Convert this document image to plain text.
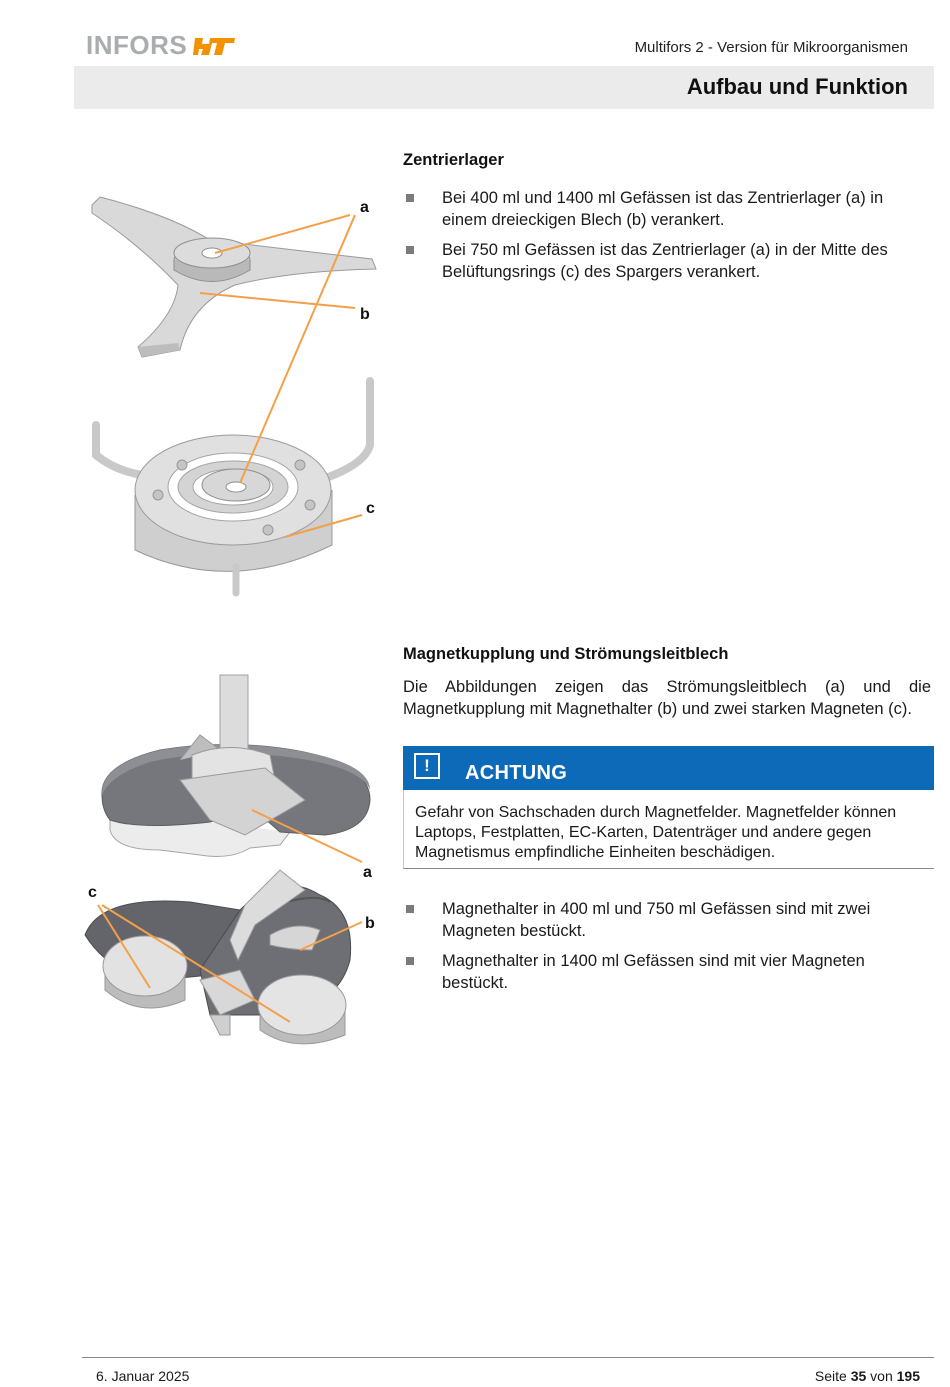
INFORS	Multifors 2 - Version für Mikroorganismen
Aufbau und Funktion
Zentrierlager
Bei 400 ml und 1400 ml Gefässen ist das Zentrierlager (a) in einem dreieckigen Blech (b) verankert.
Bei 750 ml Gefässen ist das Zentrierlager (a) in der Mitte des Belüftungsrings (c) des Spargers verankert.
a
b
c
Magnetkupplung und Strömungsleitblech
Die Abbildungen zeigen das Strömungsleitblech (a) und die Magnetkupplung mit Magnethalter (b) und zwei starken Magneten (c).
!	ACHTUNG
Gefahr von Sachschaden durch Magnetfelder. Magnetfelder können Laptops, Festplatten, EC-Karten, Datenträger und andere gegen Magnetismus empfindliche Einheiten beschädigen.
Magnethalter in 400 ml und 750 ml Gefässen sind mit zwei Magneten bestückt.
Magnethalter in 1400 ml Gefässen sind mit vier Magneten bestückt.
a
c
b
6. Januar 2025	Seite 35 von 195
